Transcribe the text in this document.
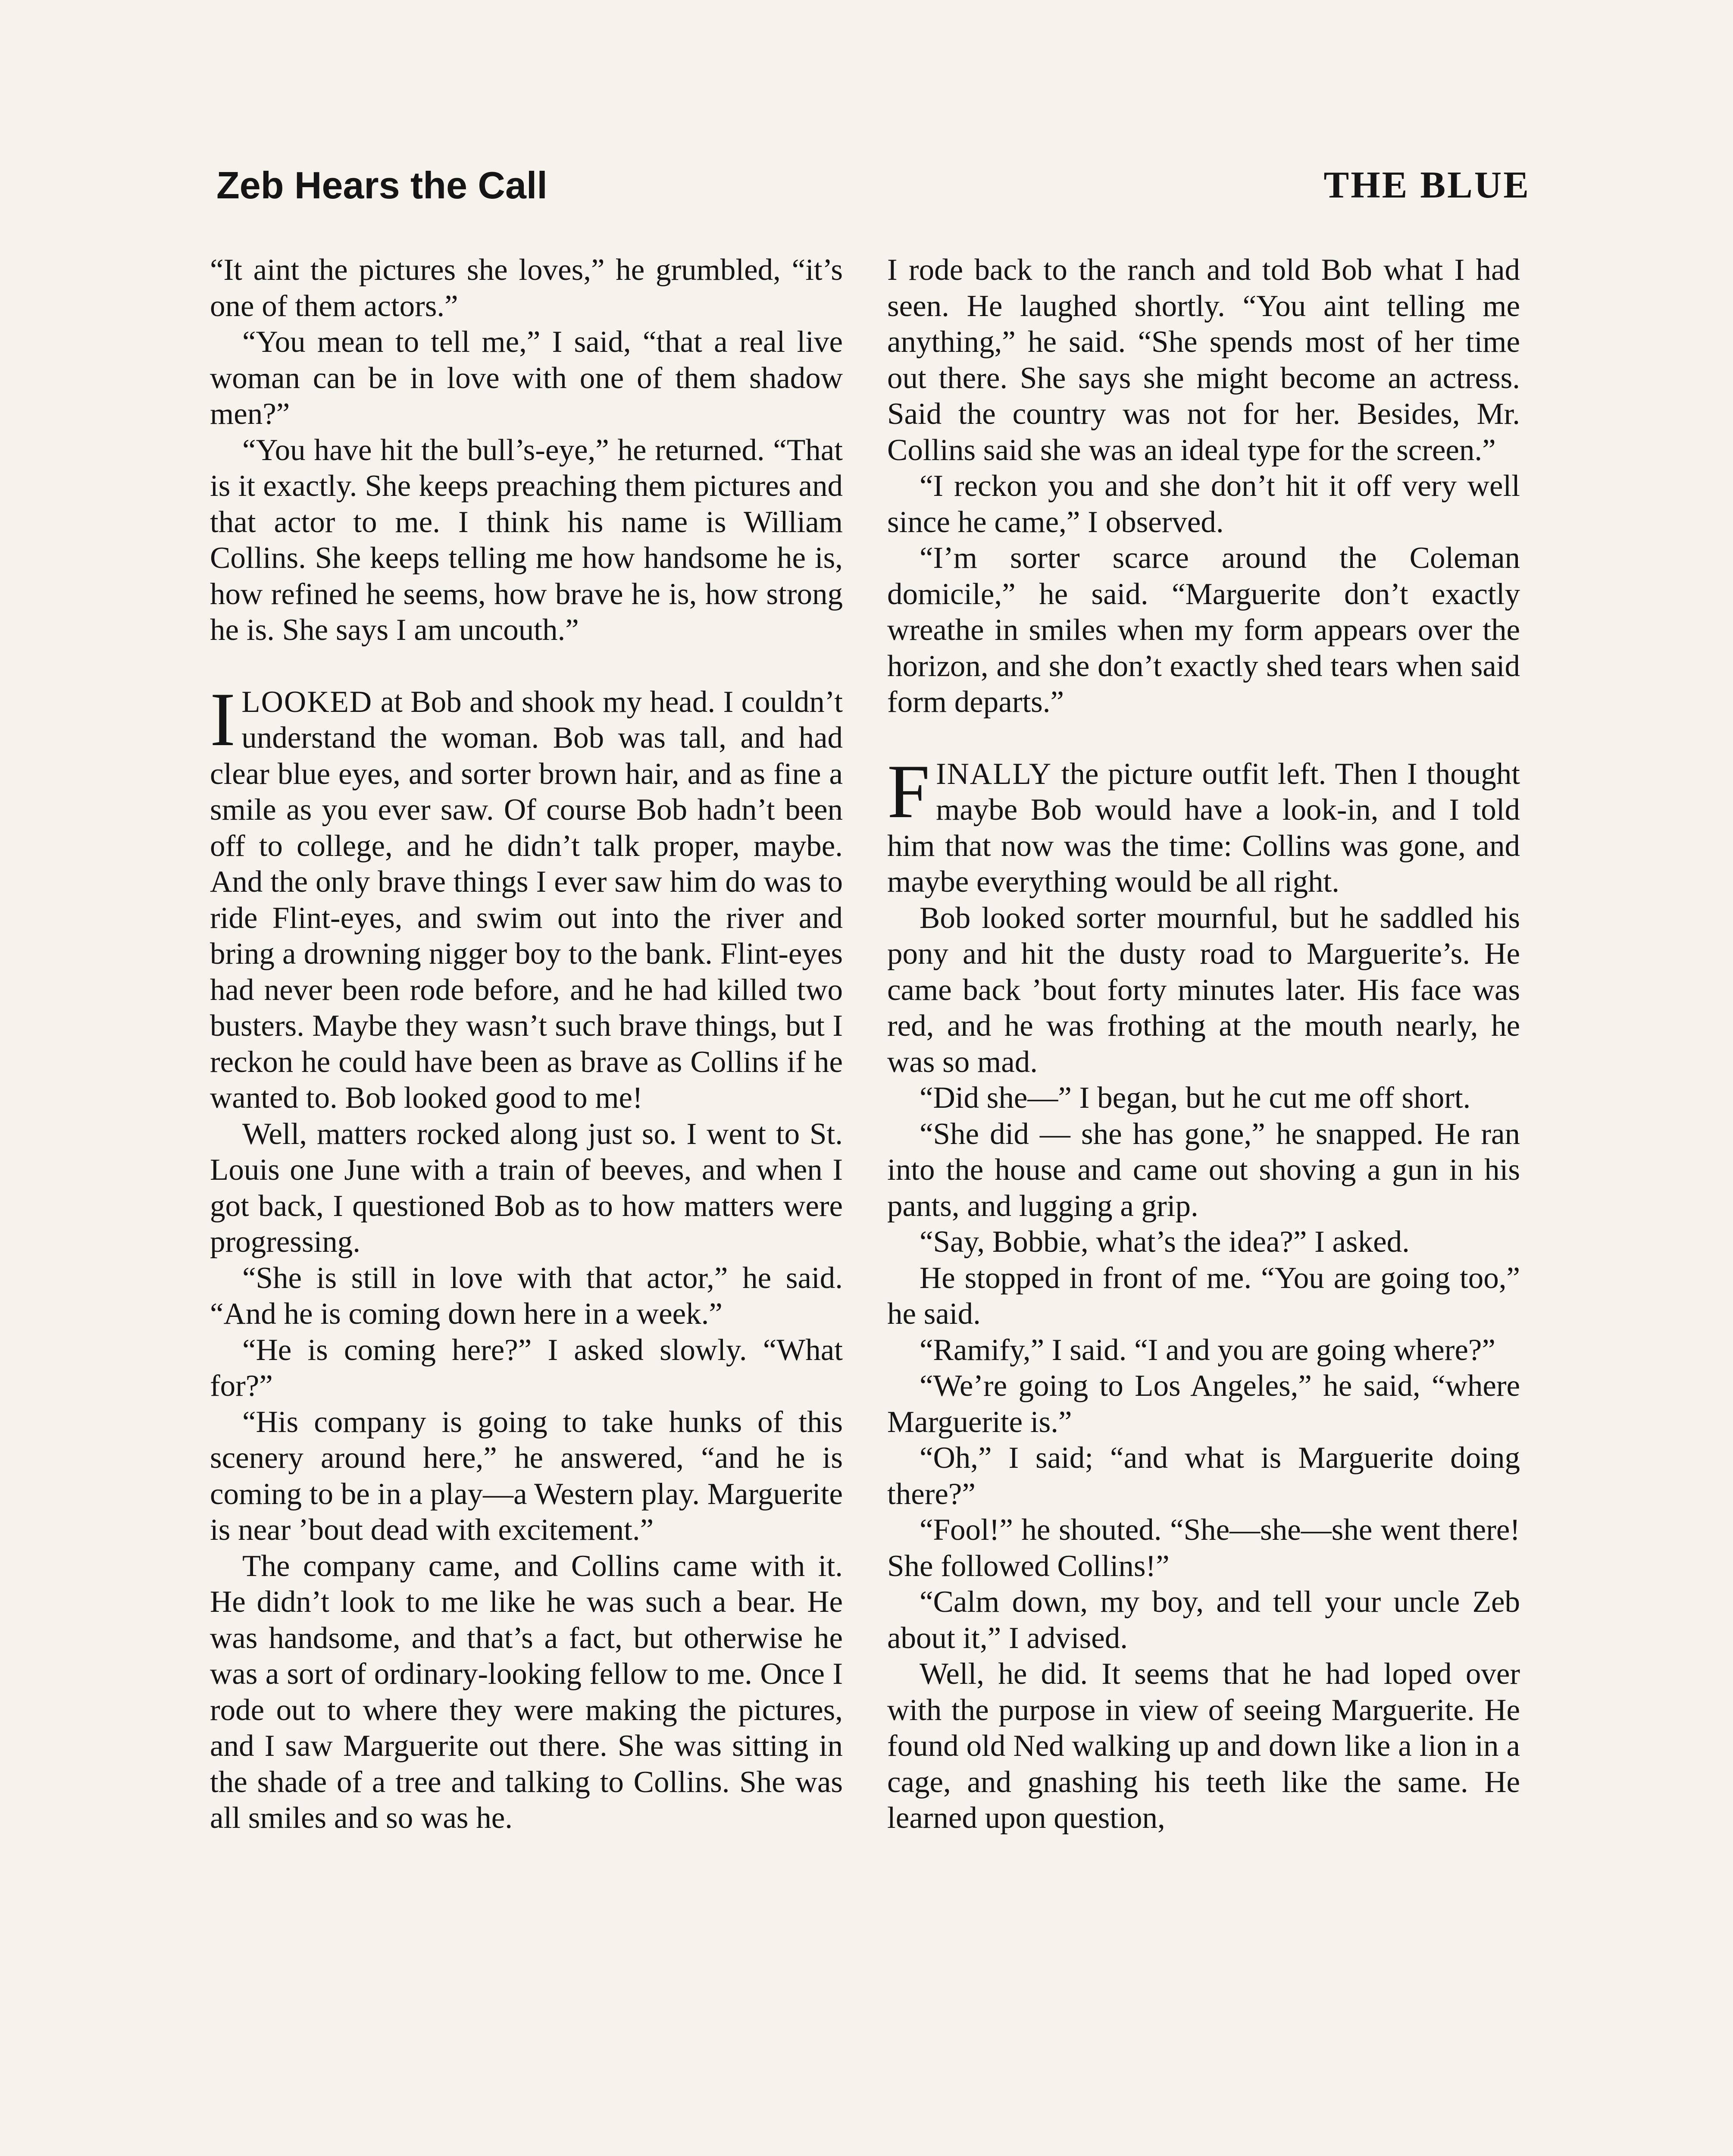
Zeb Hears the Call	THE BLUE

“It aint the pictures she loves,” he grumbled, “it’s one of them actors.”

“You mean to tell me,” I said, “that a real live woman can be in love with one of them shadow men?”

“You have hit the bull’s-eye,” he returned. “That is it exactly. She keeps preaching them pictures and that actor to me. I think his name is William Collins. She keeps telling me how handsome he is, how refined he seems, how brave he is, how strong he is. She says I am uncouth.”

ILOOKED at Bob and shook my head. I couldn’t understand the woman. Bob was tall, and had clear blue eyes, and sorter brown hair, and as fine a smile as you ever saw. Of course Bob hadn’t been off to college, and he didn’t talk proper, maybe. And the only brave things I ever saw him do was to ride Flint-eyes, and swim out into the river and bring a drowning nigger boy to the bank. Flint-eyes had never been rode before, and he had killed two busters. Maybe they wasn’t such brave things, but I reckon he could have been as brave as Collins if he wanted to. Bob looked good to me!

Well, matters rocked along just so. I went to St. Louis one June with a train of beeves, and when I got back, I questioned Bob as to how matters were progressing.

“She is still in love with that actor,” he said. “And he is coming down here in a week.”

“He is coming here?” I asked slowly. “What for?”

“His company is going to take hunks of this scenery around here,” he answered, “and he is coming to be in a play—a Western play. Marguerite is near ’bout dead with excitement.”

The company came, and Collins came with it. He didn’t look to me like he was such a bear. He was handsome, and that’s a fact, but otherwise he was a sort of ordinary-looking fellow to me. Once I rode out to where they were making the pictures, and I saw Marguerite out there. She was sitting in the shade of a tree and talking to Collins. She was all smiles and so was he.

I rode back to the ranch and told Bob what I had seen. He laughed shortly. “You aint telling me anything,” he said. “She spends most of her time out there. She says she might become an actress. Said the country was not for her. Besides, Mr. Collins said she was an ideal type for the screen.”

“I reckon you and she don’t hit it off very well since he came,” I observed.

“I’m sorter scarce around the Coleman domicile,” he said. “Marguerite don’t exactly wreathe in smiles when my form appears over the horizon, and she don’t exactly shed tears when said form departs.”

FINALLY the picture outfit left. Then I thought maybe Bob would have a look-in, and I told him that now was the time: Collins was gone, and maybe everything would be all right.

Bob looked sorter mournful, but he saddled his pony and hit the dusty road to Marguerite’s. He came back ’bout forty minutes later. His face was red, and he was frothing at the mouth nearly, he was so mad.

“Did she—” I began, but he cut me off short.

“She did — she has gone,” he snapped. He ran into the house and came out shoving a gun in his pants, and lugging a grip.

“Say, Bobbie, what’s the idea?” I asked.

He stopped in front of me. “You are going too,” he said.

“Ramify,” I said. “I and you are going where?”

“We’re going to Los Angeles,” he said, “where Marguerite is.”

“Oh,” I said; “and what is Marguerite doing there?”

“Fool!” he shouted. “She—she—she went there! She followed Collins!”

“Calm down, my boy, and tell your uncle Zeb about it,” I advised.

Well, he did. It seems that he had loped over with the purpose in view of seeing Marguerite. He found old Ned walking up and down like a lion in a cage, and gnashing his teeth like the same. He learned upon question,
